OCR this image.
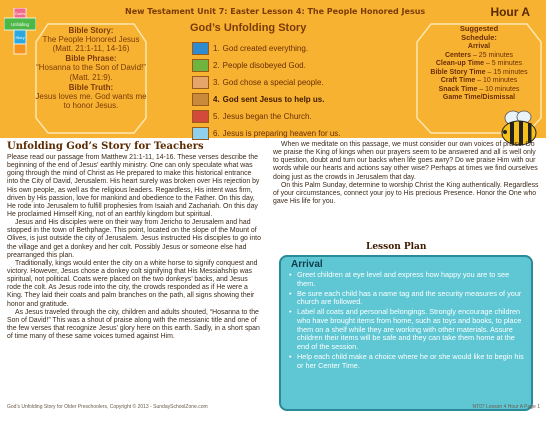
New Testament Unit 7: Easter Lesson 4: The People Honored Jesus	Hour A
God's
Unfolding
Story
Bible Story:
The People Honored Jesus (Matt. 21:1-11, 14-16)
Bible Phrase:
“Hosanna to the Son of David!” (Matt. 21:9).
Bible Truth:
Jesus loves me. God wants me to honor Jesus.
God’s Unfolding Story
1. God created everything.
2. People disobeyed God.
3. God chose a special people.
4. God sent Jesus to help us.
5. Jesus began the Church.
6. Jesus is preparing heaven for us.
Suggested Schedule:
Arrival
Centers – 25 minutes
Clean-up Time – 5 minutes
Bible Story Time – 15 minutes
Craft Time – 10 minutes
Snack Time – 10 minutes
Game Time/Dismissal
Unfolding God’s Story for Teachers

Please read our passage from Matthew 21:1-11, 14-16. These verses describe the beginning of the end of Jesus’ earthly ministry. One can only speculate what was going through the mind of Christ as He prepared to make this historical entrance into the City of David, Jerusalem. His heart surely was broken over His rejection by His own people, as well as the religious leaders. Regardless, His intent was firm, driven by His passion, love for mankind and obedience to the Father. On this day, He rode into Jerusalem to fulfill prophesies from Isaiah and Zachariah. On this day He proclaimed Himself King, not of an earthly kingdom but spiritual.

Jesus and His disciples were on their way from Jericho to Jerusalem and had stopped in the town of Bethphage. This point, located on the slope of the Mount of Olives, is just outside the city of Jerusalem. Jesus instructed His disciples to go into the village and get a donkey and her colt. Possibly Jesus or someone else had prearranged this plan.

Traditionally, kings would enter the city on a white horse to signify conquest and victory. However, Jesus chose a donkey colt signifying that His Messiahship was spiritual, not political. Coats were placed on the two donkeys’ backs, and Jesus rode the colt. As Jesus rode into the city, the crowds responded as if He were a King. They laid their coats and palm branches on the path, all signs showing their honor and gratitude.

As Jesus traveled through the city, children and adults shouted, “Hosanna to the Son of David!” This was a shout of praise along with the messianic title and one of the few verses that recognize Jesus’ glory here on this earth. Sadly, in a short span of time many of these same voices turned against Him.

When we meditate on this passage, we must consider our own voices of praise. Do we praise the King of kings when our prayers seem to be answered and all is well only to question, doubt and turn our backs when life goes awry? Do we praise Him with our words while our hearts and actions say other wise? Perhaps at times we find ourselves doing just as the crowds in Jerusalem that day.

On this Palm Sunday, determine to worship Christ the King authentically. Regardless of your circumstances, connect your joy to His precious Presence. Honor the One who gave His life for you.

Lesson Plan
Arrival
• Greet children at eye level and express how happy you are to see them.
• Be sure each child has a name tag and the security measures of your church are followed.
• Label all coats and personal belongings. Strongly encourage children who have brought items from home, such as toys and books, to place them on a shelf while they are working with other materials. Assure children their items will be safe and they can take them home at the end of the session.
• Help each child make a choice where he or she would like to begin his or her Center Time.
God’s Unfolding Story for Older Preschoolers, Copyright © 2013 - SundaySchoolZone.com	NT07 Lesson 4 Hour A Page 1
